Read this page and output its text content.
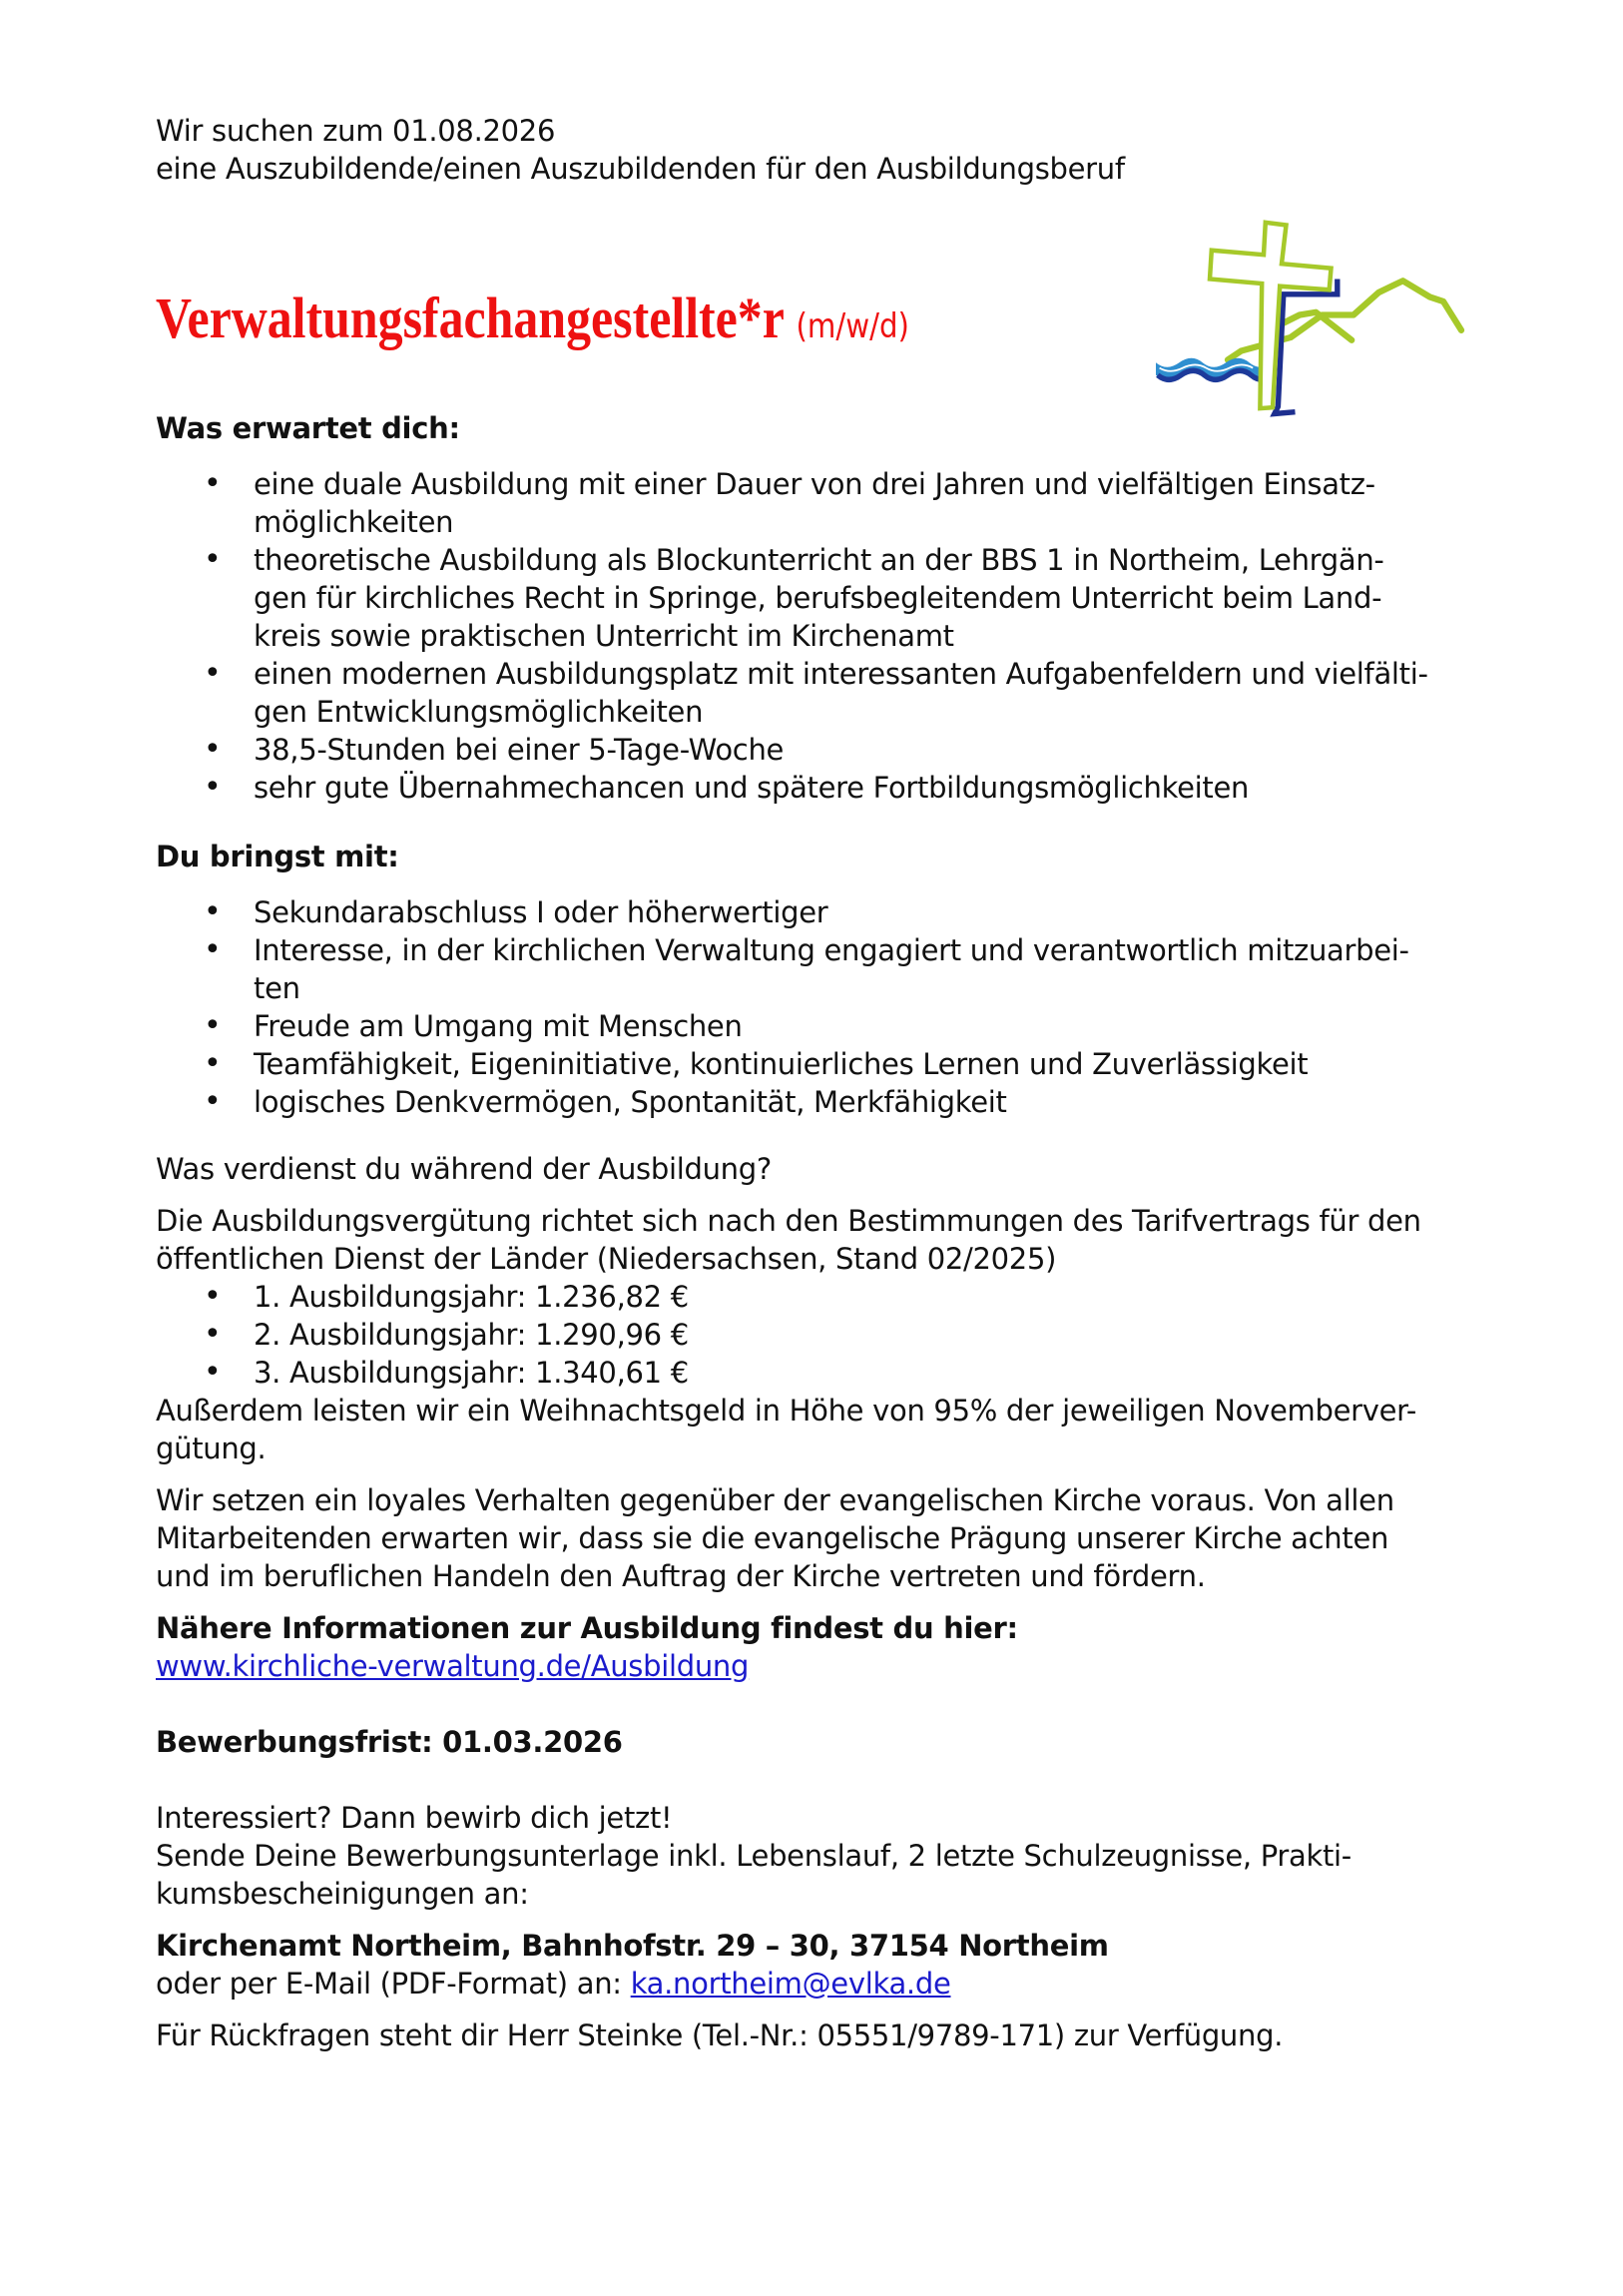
Wir suchen zum 01.08.2026

eine Auszubildende/einen Auszubildenden für den Ausbildungsberuf

Verwaltungsfachangestellte*r (m/w/d)
Was erwartet dich:
• eine duale Ausbildung mit einer Dauer von drei Jahren und vielfältigen Einsatz-
möglichkeiten
• theoretische Ausbildung als Blockunterricht an der BBS 1 in Northeim, Lehrgän-
gen für kirchliches Recht in Springe, berufsbegleitendem Unterricht beim Land-
kreis sowie praktischen Unterricht im Kirchenamt
• einen modernen Ausbildungsplatz mit interessanten Aufgabenfeldern und vielfälti-
gen Entwicklungsmöglichkeiten
• 38,5-Stunden bei einer 5-Tage-Woche
• sehr gute Übernahmechancen und spätere Fortbildungsmöglichkeiten
Du bringst mit:
• Sekundarabschluss I oder höherwertiger
• Interesse, in der kirchlichen Verwaltung engagiert und verantwortlich mitzuarbei-
ten
• Freude am Umgang mit Menschen
• Teamfähigkeit, Eigeninitiative, kontinuierliches Lernen und Zuverlässigkeit
• logisches Denkvermögen, Spontanität, Merkfähigkeit

Was verdienst du während der Ausbildung?

Die Ausbildungsvergütung richtet sich nach den Bestimmungen des Tarifvertrags für den
öffentlichen Dienst der Länder (Niedersachsen, Stand 02/2025)
• 1. Ausbildungsjahr: 1.236,82 €
• 2. Ausbildungsjahr: 1.290,96 €
• 3. Ausbildungsjahr: 1.340,61 €
Außerdem leisten wir ein Weihnachtsgeld in Höhe von 95% der jeweiligen Novemberver-
gütung.
Wir setzen ein loyales Verhalten gegenüber der evangelischen Kirche voraus. Von allen
Mitarbeitenden erwarten wir, dass sie die evangelische Prägung unserer Kirche achten
und im beruflichen Handeln den Auftrag der Kirche vertreten und fördern.

Nähere Informationen zur Ausbildung findest du hier:

www.kirchliche-verwaltung.de/Ausbildung

Bewerbungsfrist: 01.03.2026

Interessiert? Dann bewirb dich jetzt!
Sende Deine Bewerbungsunterlage inkl. Lebenslauf, 2 letzte Schulzeugnisse, Prakti-
kumsbescheinigungen an:

Kirchenamt Northeim, Bahnhofstr. 29 – 30, 37154 Northeim

oder per E-Mail (PDF-Format) an: ka.northeim@evlka.de

Für Rückfragen steht dir Herr Steinke (Tel.-Nr.: 05551/9789-171) zur Verfügung.
